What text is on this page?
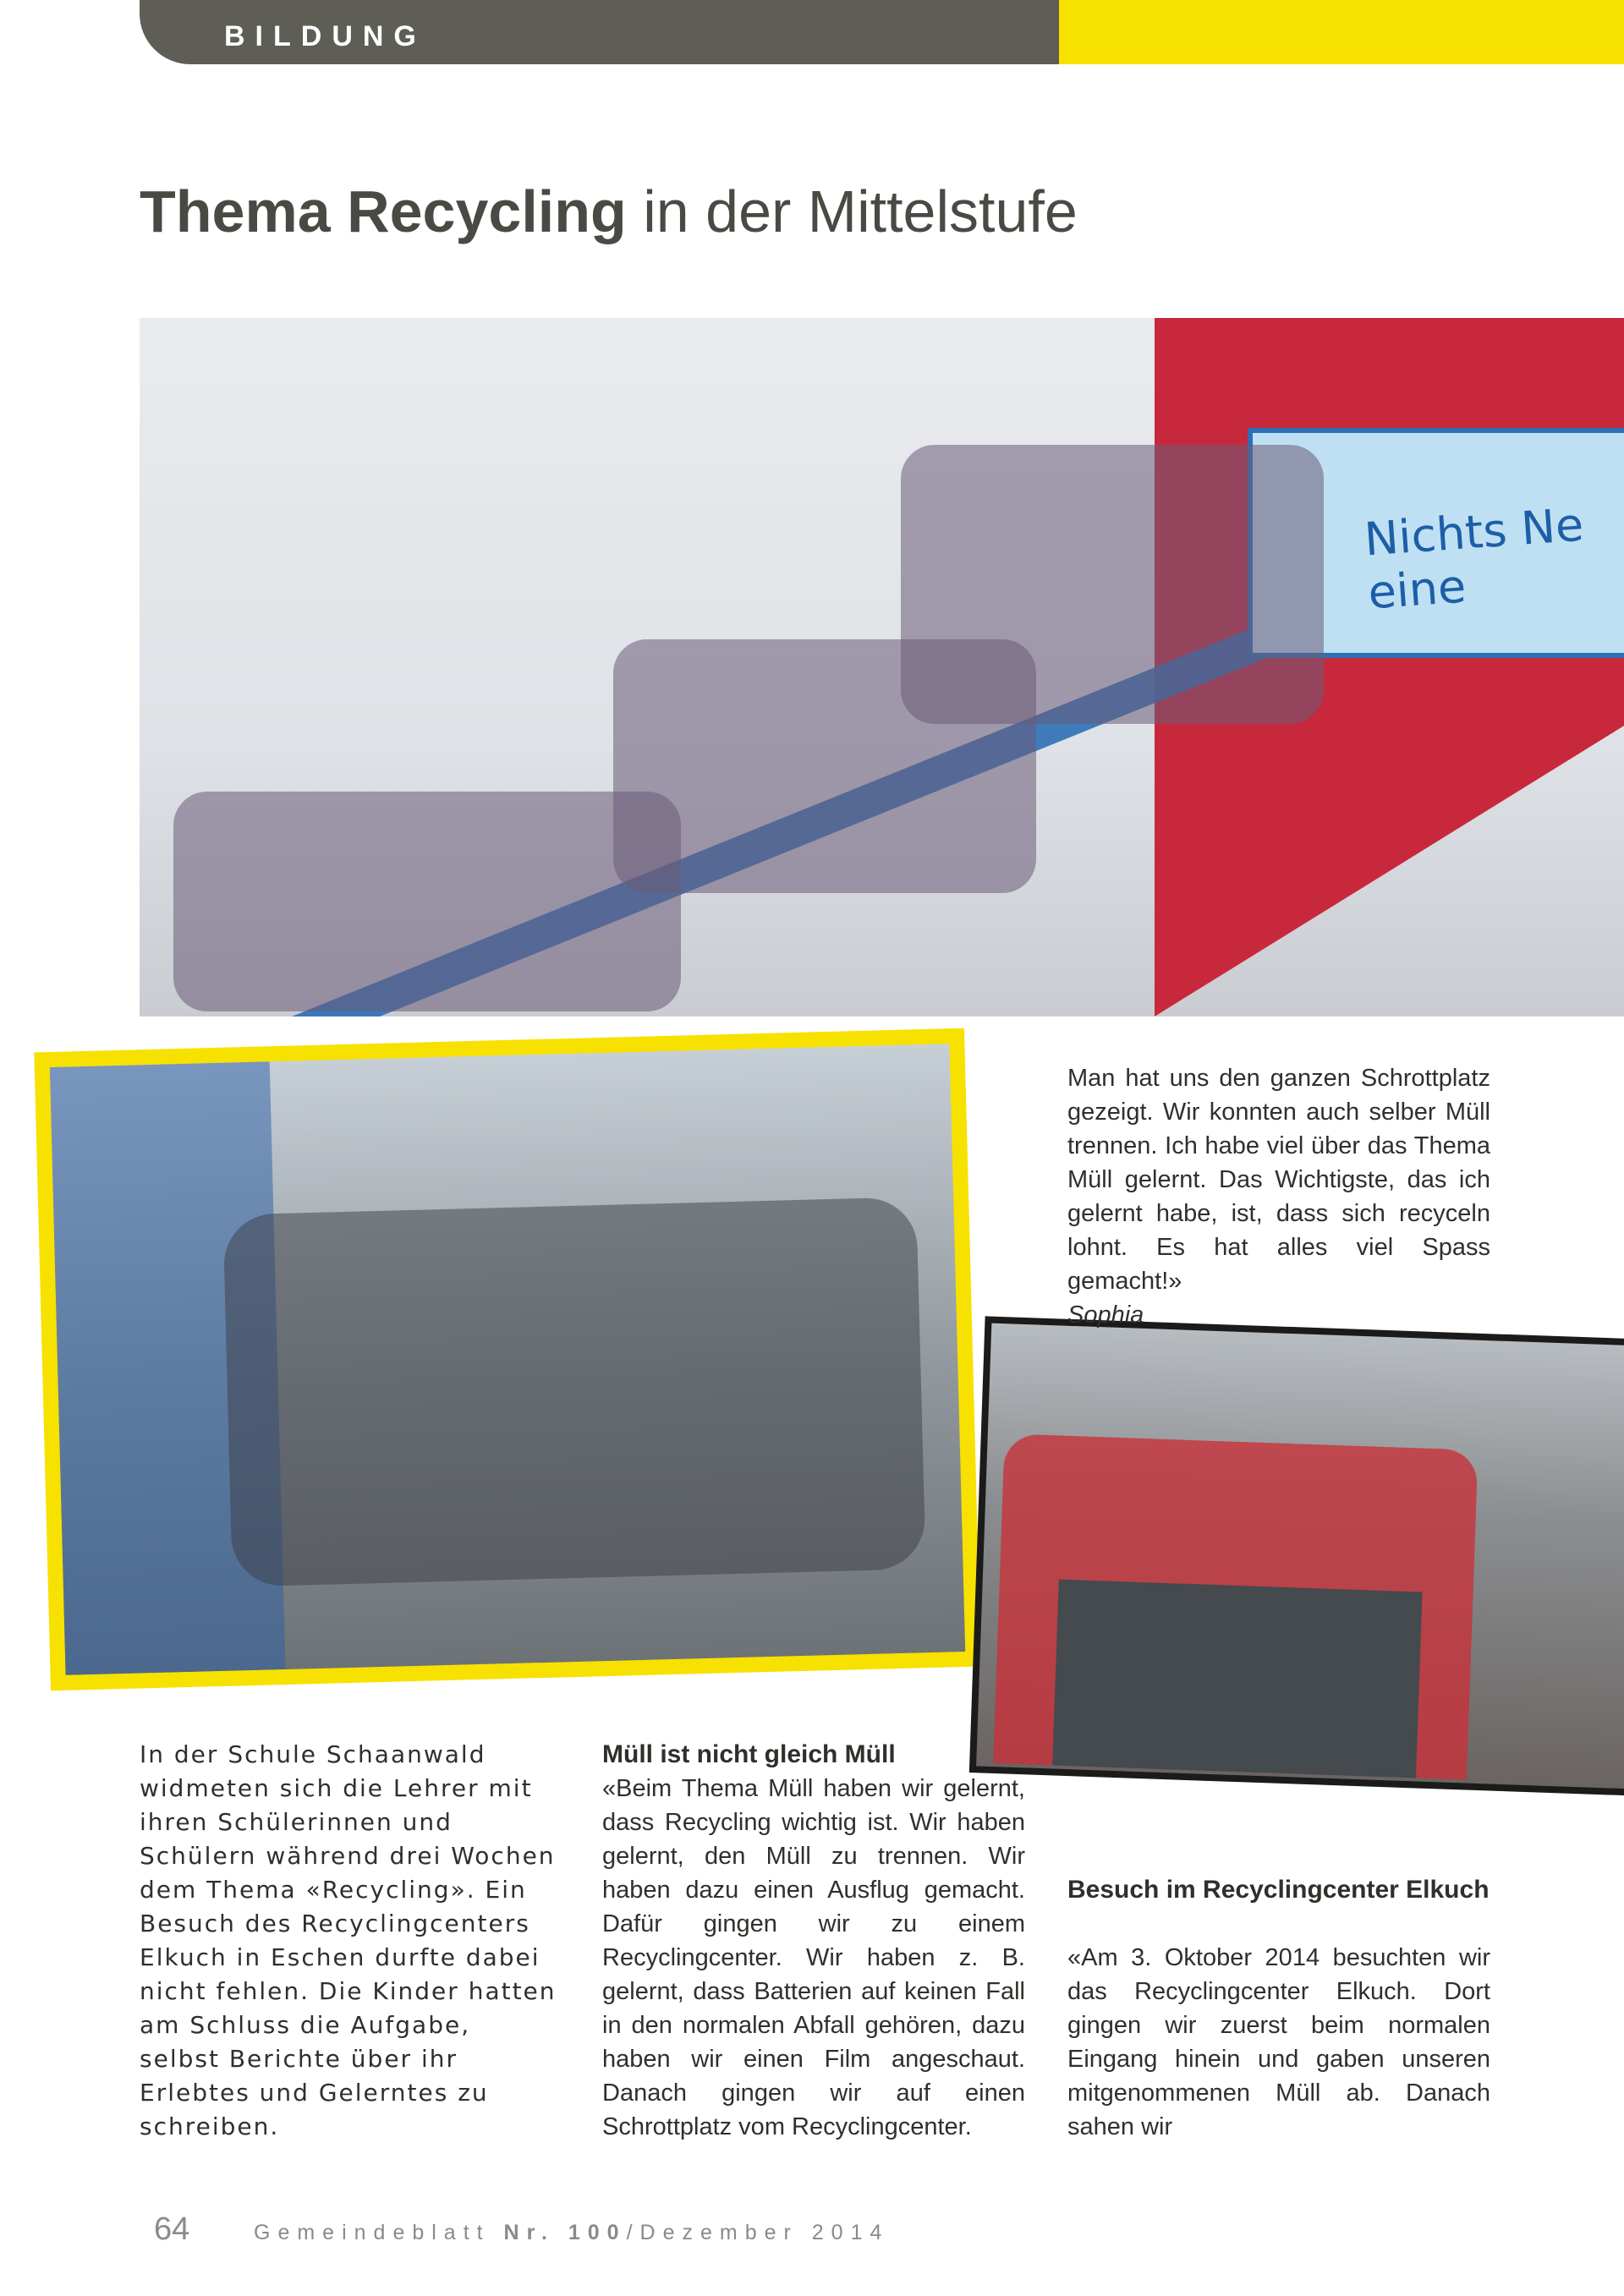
BILDUNG
Thema Recycling in der Mittelstufe
Nichts Ne eine
Man hat uns den ganzen Schrottplatz gezeigt. Wir konnten auch selber Müll trennen. Ich habe viel über das Thema Müll gelernt. Das Wichtigste, das ich gelernt habe, ist, dass sich recyceln lohnt. Es hat alles viel Spass gemacht!»
Sophia
In der Schule Schaanwald widmeten sich die Lehrer mit ihren Schülerinnen und Schülern während drei Wochen dem Thema «Recycling». Ein Besuch des Recyclingcenters Elkuch in Eschen durfte dabei nicht fehlen. Die Kinder hatten am Schluss die Aufgabe, selbst Berichte über ihr Erlebtes und Gelerntes zu schreiben.
Müll ist nicht gleich Müll
«Beim Thema Müll haben wir gelernt, dass Recycling wichtig ist. Wir haben gelernt, den Müll zu trennen. Wir haben dazu einen Ausflug gemacht. Dafür gingen wir zu einem Recyclingcenter. Wir haben z. B. gelernt, dass Batterien auf keinen Fall in den normalen Abfall gehören, dazu haben wir einen Film angeschaut. Danach gingen wir auf einen Schrottplatz vom Recyclingcenter.
Besuch im Recyclingcenter Elkuch
«Am 3. Oktober 2014 besuchten wir das Recyclingcenter Elkuch. Dort gingen wir zuerst beim normalen Eingang hinein und gaben unseren mitgenommenen Müll ab. Danach sahen wir
64	Gemeindeblatt Nr. 100/Dezember 2014
